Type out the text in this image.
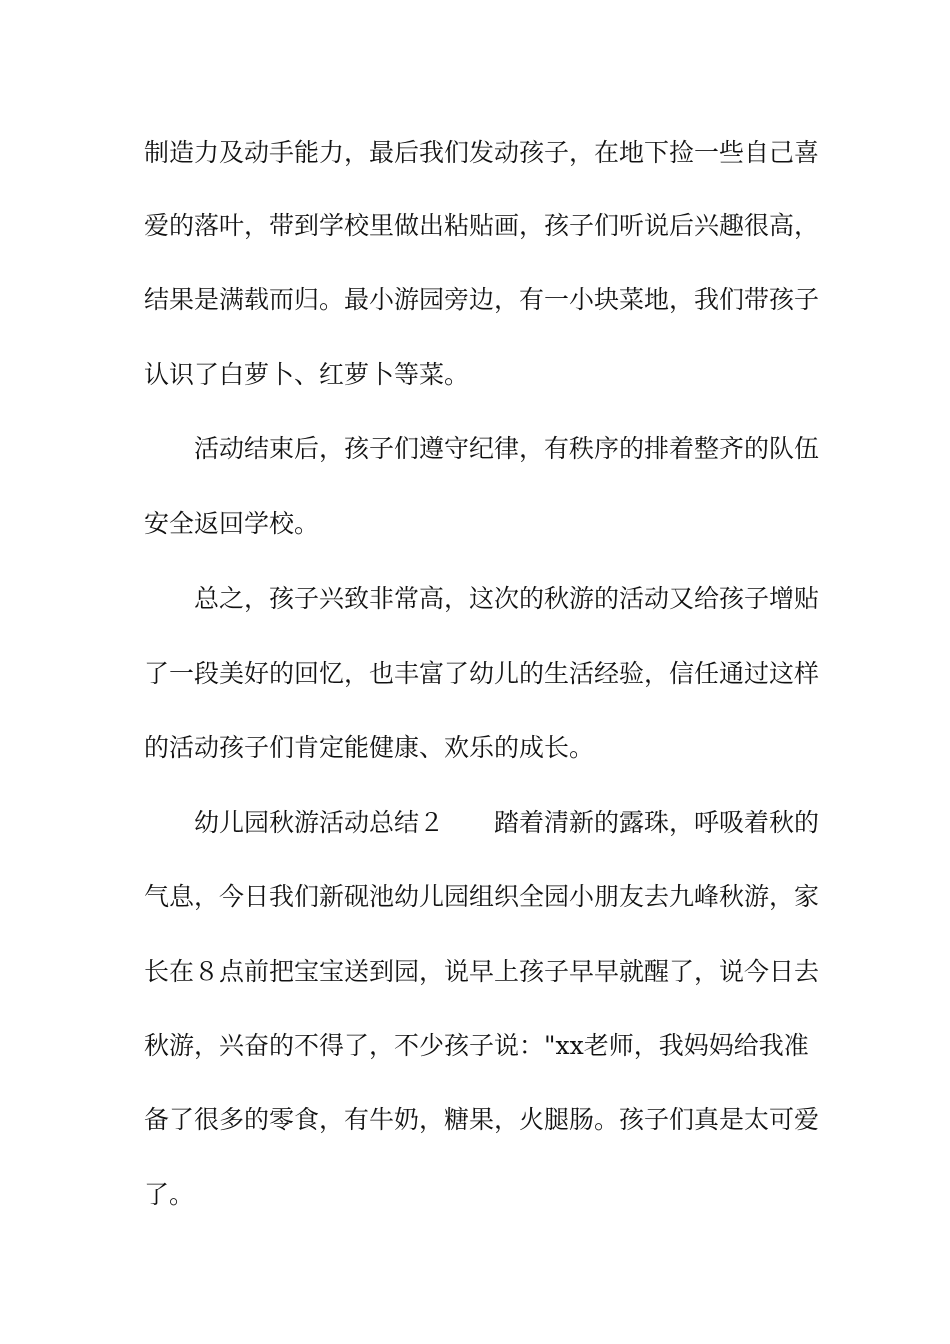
制造力及动手能力，最后我们发动孩子，在地下捡一些自己喜
爱的落叶，带到学校里做出粘贴画，孩子们听说后兴趣很高，
结果是满载而归。最小游园旁边，有一小块菜地，我们带孩子
认识了白萝卜、红萝卜等菜。
活动结束后，孩子们遵守纪律，有秩序的排着整齐的队伍
安全返回学校。
总之，孩子兴致非常高，这次的秋游的活动又给孩子增贴
了一段美好的回忆，也丰富了幼儿的生活经验，信任通过这样
的活动孩子们肯定能健康、欢乐的成长。
幼儿园秋游活动总结２　　踏着清新的露珠，呼吸着秋的
气息，今日我们新砚池幼儿园组织全园小朋友去九峰秋游，家
长在８点前把宝宝送到园，说早上孩子早早就醒了，说今日去
秋游，兴奋的不得了，不少孩子说："xx老师，我妈妈给我准
备了很多的零食，有牛奶，糖果，火腿肠。孩子们真是太可爱
了。
